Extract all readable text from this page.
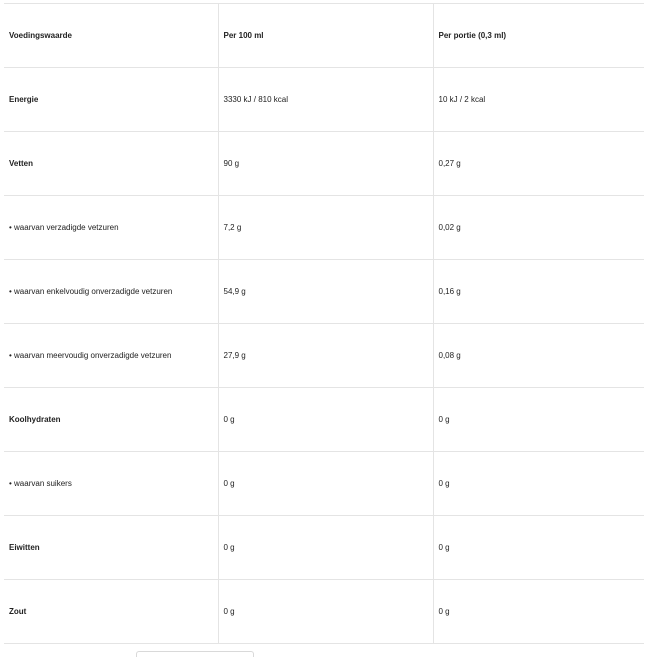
Voedingswaarde	Per 100 ml	Per portie (0,3 ml)
Energie	3330 kJ / 810 kcal	10 kJ / 2 kcal
Vetten	90 g	0,27 g
• waarvan verzadigde vetzuren	7,2 g	0,02 g
• waarvan enkelvoudig onverzadigde vetzuren	54,9 g	0,16 g
• waarvan meervoudig onverzadigde vetzuren	27,9 g	0,08 g
Koolhydraten	0 g	0 g
• waarvan suikers	0 g	0 g
Eiwitten	0 g	0 g
Zout	0 g	0 g
